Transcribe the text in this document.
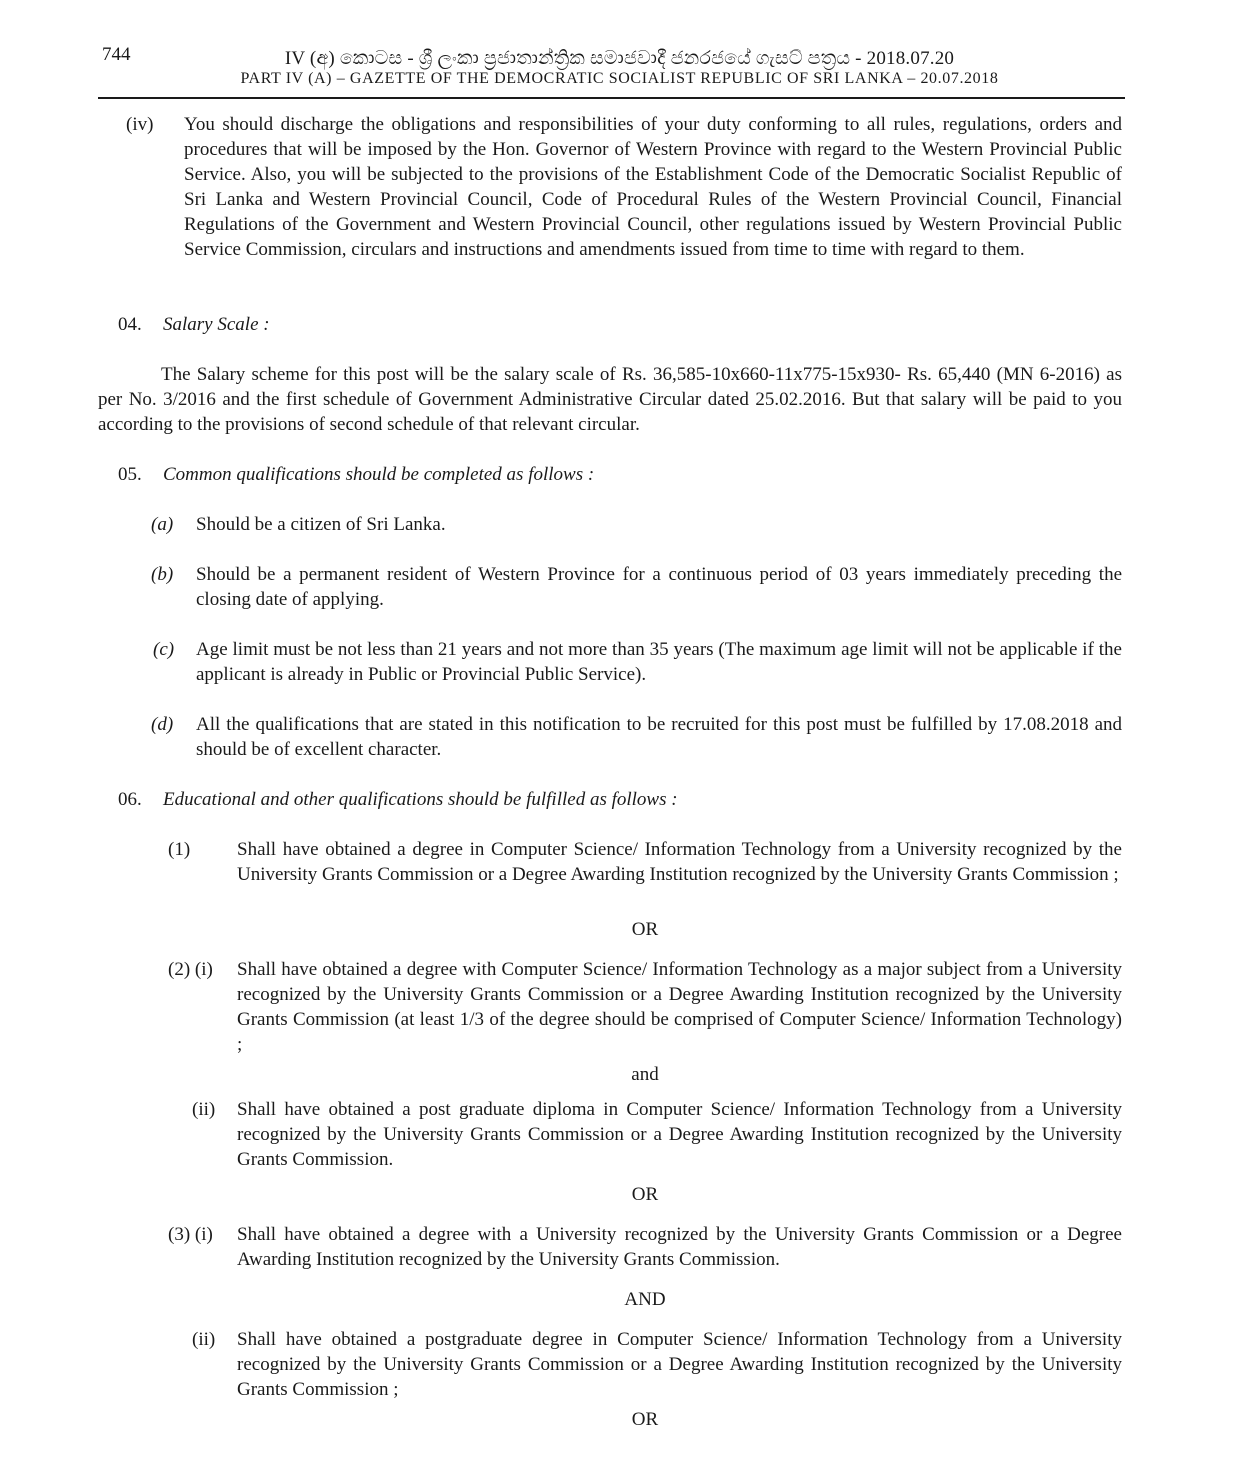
744	IV (අ) කොටස - ශ්‍රී ලංකා ප්‍රජාතාන්ත්‍රික සමාජවාදී ජනරජයේ ගැසට් පත්‍රය - 2018.07.20
PART IV (A) – GAZETTE OF THE DEMOCRATIC SOCIALIST REPUBLIC OF SRI LANKA – 20.07.2018
(iv) You should discharge the obligations and responsibilities of your duty conforming to all rules, regulations, orders and procedures that will be imposed by the Hon. Governor of Western Province with regard to the Western Provincial Public Service. Also, you will be subjected to the provisions of the Establishment Code of the Democratic Socialist Republic of Sri Lanka and Western Provincial Council, Code of Procedural Rules of the Western Provincial Council, Financial Regulations of the Government and Western Provincial Council, other regulations issued by Western Provincial Public Service Commission, circulars and instructions and amendments issued from time to time with regard to them.
04. Salary Scale :
The Salary scheme for this post will be the salary scale of Rs. 36,585-10x660-11x775-15x930- Rs. 65,440 (MN 6-2016) as per No. 3/2016 and the first schedule of Government Administrative Circular dated 25.02.2016. But that salary will be paid to you according to the provisions of second schedule of that relevant circular.
05. Common qualifications should be completed as follows :
(a) Should be a citizen of Sri Lanka.
(b) Should be a permanent resident of Western Province for a continuous period of 03 years immediately preceding the closing date of applying.
(c) Age limit must be not less than 21 years and not more than 35 years (The maximum age limit will not be applicable if the applicant is already in Public or Provincial Public Service).
(d) All the qualifications that are stated in this notification to be recruited for this post must be fulfilled by 17.08.2018 and should be of excellent character.
06. Educational and other qualifications should be fulfilled as follows :
(1) Shall have obtained a degree in Computer Science/ Information Technology from a University recognized by the University Grants Commission or a Degree Awarding Institution recognized by the University Grants Commission ;
OR
(2) (i) Shall have obtained a degree with Computer Science/ Information Technology as a major subject from a University recognized by the University Grants Commission or a Degree Awarding Institution recognized by the University Grants Commission (at least 1/3 of the degree should be comprised of Computer Science/ Information Technology) ;
and
(ii) Shall have obtained a post graduate diploma in Computer Science/ Information Technology from a University recognized by the University Grants Commission or a Degree Awarding Institution recognized by the University Grants Commission.
OR
(3) (i) Shall have obtained a degree with a University recognized by the University Grants Commission or a Degree Awarding Institution recognized by the University Grants Commission.
AND
(ii) Shall have obtained a postgraduate degree in Computer Science/ Information Technology from a University recognized by the University Grants Commission or a Degree Awarding Institution recognized by the University Grants Commission ;
OR
